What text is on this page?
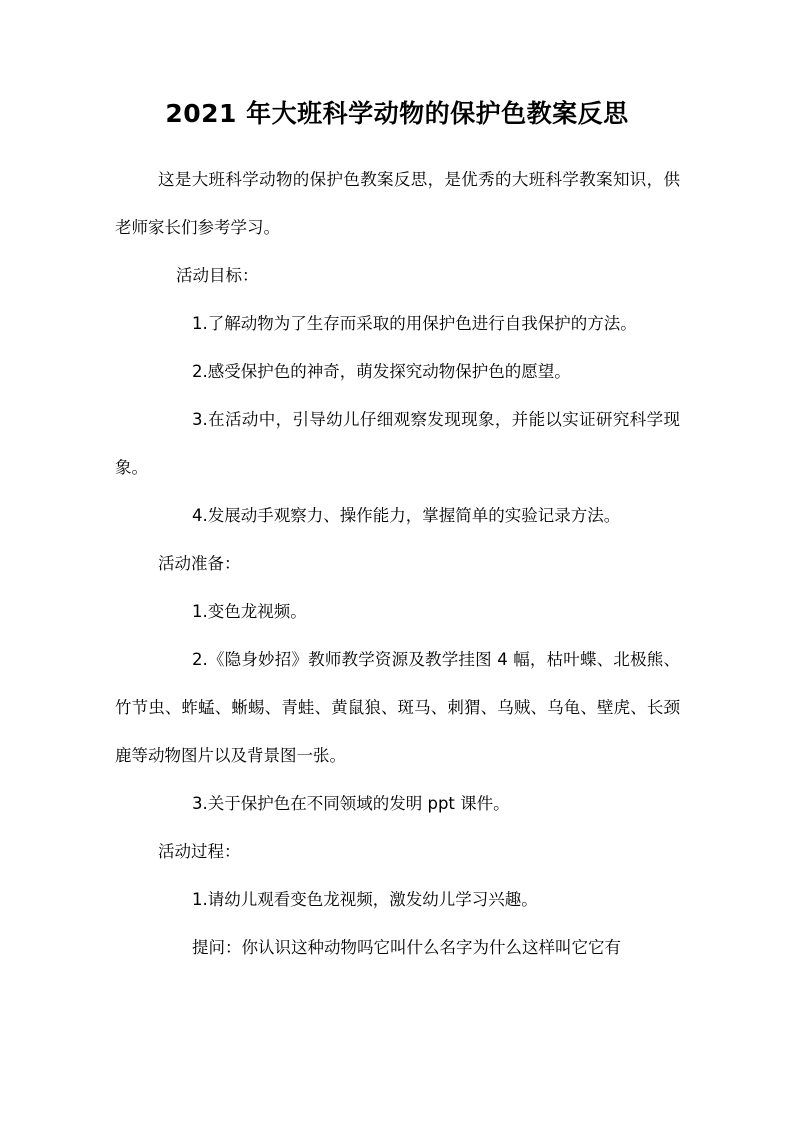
2021 年大班科学动物的保护色教案反思

这是大班科学动物的保护色教案反思，是优秀的大班科学教案知识，供老师家长们参考学习。

活动目标：

1.了解动物为了生存而采取的用保护色进行自我保护的方法。

2.感受保护色的神奇，萌发探究动物保护色的愿望。

3.在活动中，引导幼儿仔细观察发现现象，并能以实证研究科学现象。

4.发展动手观察力、操作能力，掌握简单的实验记录方法。

活动准备：

1.变色龙视频。

2.《隐身妙招》教师教学资源及教学挂图 4 幅，枯叶蝶、北极熊、竹节虫、蚱蜢、蜥蜴、青蛙、黄鼠狼、斑马、刺猬、乌贼、乌龟、壁虎、长颈鹿等动物图片以及背景图一张。

3.关于保护色在不同领域的发明 ppt 课件。

活动过程：

1.请幼儿观看变色龙视频，激发幼儿学习兴趣。

提问：你认识这种动物吗它叫什么名字为什么这样叫它它有
